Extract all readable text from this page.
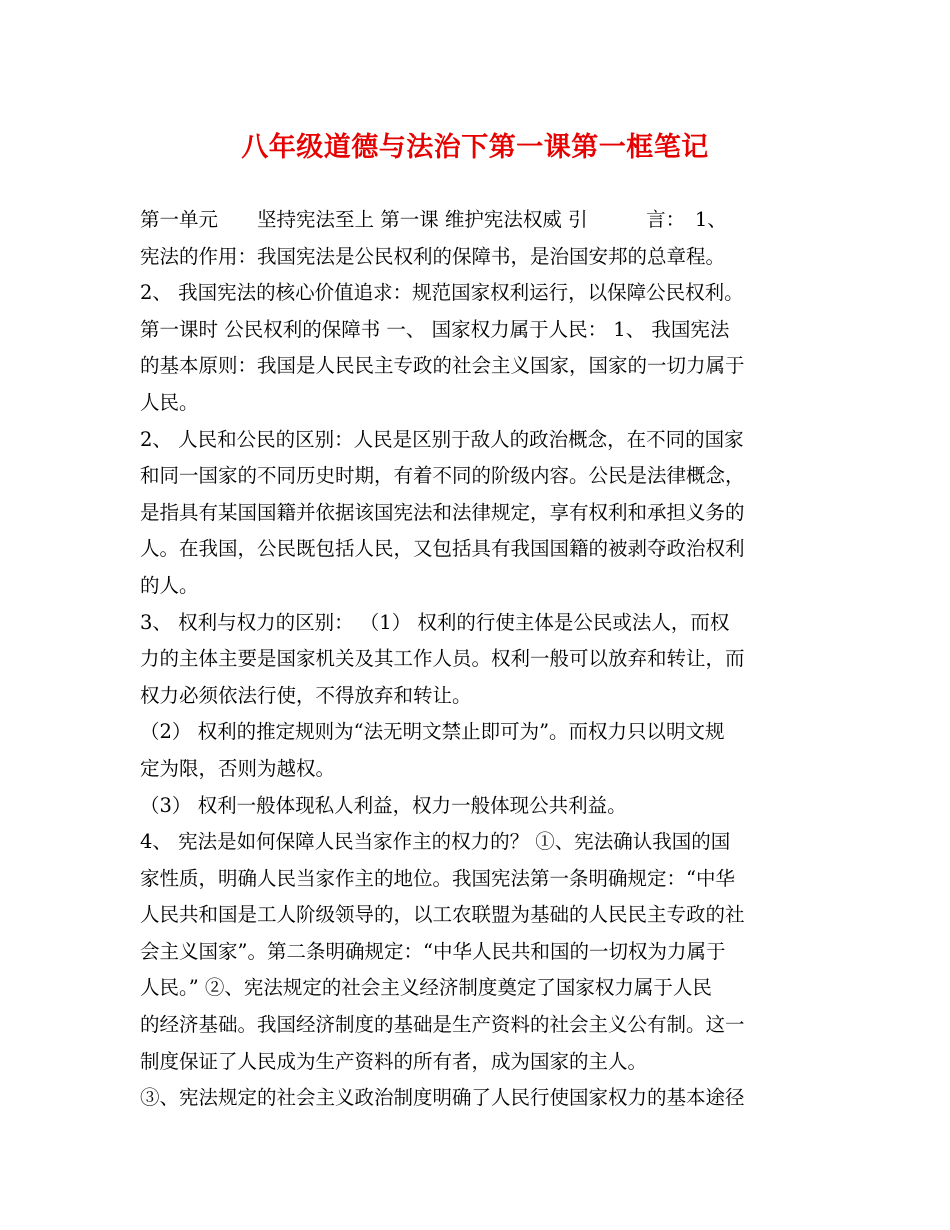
八年级道德与法治下第一课第一框笔记
第一单元　　坚持宪法至上 第一课 维护宪法权威 引　　　言：　1、
宪法的作用：我国宪法是公民权利的保障书，是治国安邦的总章程。
2、 我国宪法的核心价值追求：规范国家权利运行，以保障公民权利。
第一课时 公民权利的保障书 一、 国家权力属于人民： 1、 我国宪法
的基本原则：我国是人民民主专政的社会主义国家，国家的一切力属于
人民。
2、 人民和公民的区别：人民是区别于敌人的政治概念，在不同的国家
和同一国家的不同历史时期，有着不同的阶级内容。公民是法律概念，
是指具有某国国籍并依据该国宪法和法律规定，享有权利和承担义务的
人。在我国，公民既包括人民，又包括具有我国国籍的被剥夺政治权利
的人。
3、 权利与权力的区别： （1） 权利的行使主体是公民或法人，而权
力的主体主要是国家机关及其工作人员。权利一般可以放弃和转让，而
权力必须依法行使，不得放弃和转让。
（2） 权利的推定规则为“法无明文禁止即可为”。而权力只以明文规
定为限，否则为越权。
（3） 权利一般体现私人利益，权力一般体现公共利益。
4、 宪法是如何保障人民当家作主的权力的？ ①、宪法确认我国的国
家性质，明确人民当家作主的地位。我国宪法第一条明确规定：“中华
人民共和国是工人阶级领导的，以工农联盟为基础的人民民主专政的社
会主义国家”。第二条明确规定：“中华人民共和国的一切权为力属于
人民。” ②、宪法规定的社会主义经济制度奠定了国家权力属于人民
的经济基础。我国经济制度的基础是生产资料的社会主义公有制。这一
制度保证了人民成为生产资料的所有者，成为国家的主人。
③、宪法规定的社会主义政治制度明确了人民行使国家权力的基本途径
